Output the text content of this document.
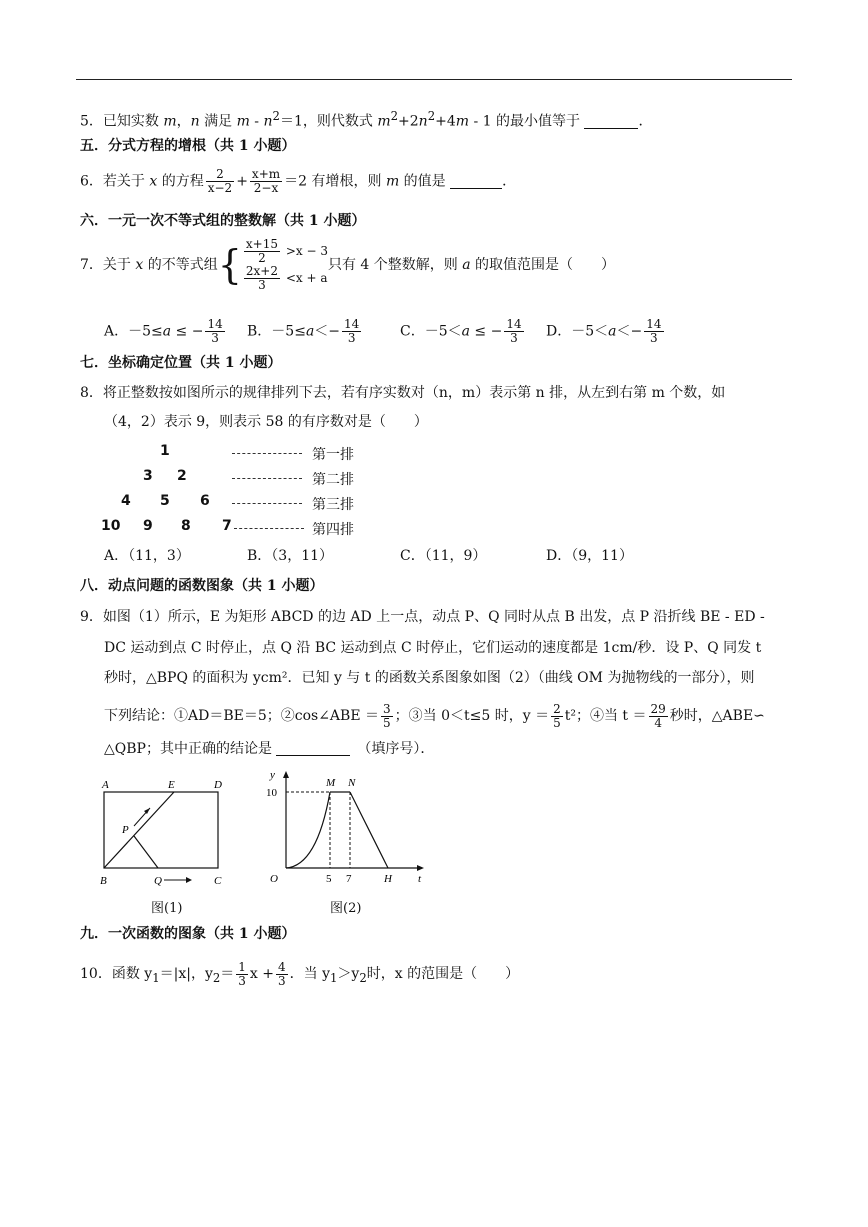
5．已知实数 m，n 满足 $m - n^2=1$，则代数式 $m^2+2n^2+4m - 1$ 的最小值等于	．
五．分式方程的增根（共 1 小题）
6．若关于 x 的方程 $\frac{2}{x-2} + \frac{x+m}{2-x} =2$ 有增根，则 m 的值是	．
六．一元一次不等式组的整数解（共 1 小题）
7．关于 x 的不等式组{ $\frac{x+15}{2} >x - 3$
$\frac{2x+2}{3} <x + a$
只有 4 个整数解，则 a 的取值范围是（　　）
A．－5≤a ≤ − $\frac{14}{3}$ B．$-5\le a<- \frac{14}{3}$	C．－5＜a ≤ − $\frac{14}{3}$ D．$-5<a<- \frac{14}{3}$
七．坐标确定位置（共 1 小题）
8．将正整数按如图所示的规律排列下去，若有序实数对（n，m）表示第 n 排，从左到右第 m 个数，如
（4，2）表示 9，则表示 58 的有序数对是（　　）
1
3 2
4 5 6
10 9 8 7
第一排
第二排
第三排
第四排
A．（11，3）	B．（3，11）	C．（11，9）	D．（9，11）
八．动点问题的函数图象（共 1 小题）
9．如图（1）所示，E 为矩形 ABCD 的边 AD 上一点，动点 P、Q 同时从点 B 出发，点 P 沿折线 BE - ED -
DC 运动到点 C 时停止，点 Q 沿 BC 运动到点 C 时停止，它们运动的速度都是 1cm/秒．设 P、Q 同发 t
秒时，△BPQ 的面积为 ycm²．已知 y 与 t 的函数关系图象如图（2）（曲线 OM 为抛物线的一部分），则
下列结论：①AD＝BE＝5；②cos∠ABE ＝ $\frac{3}{5}$ ；③当 0＜t≤5 时，$y = \frac{2}{5} t^2$；④当 $t = \frac{29}{4}$ 秒时，△ABE∽
△QBP；其中正确的结论是 　	（填序号）．
A	E	D
P
B	Q	C
图(1)
y
M N
10
O	5 7	H t
图(2)
九．一次函数的图象（共 1 小题）
10．函数 $y_1=|x|$，$y_2= \frac{1}{3}$ $x + \frac{4}{3}$ ．当 $y_1>y_2$时，x 的范围是（　　）
